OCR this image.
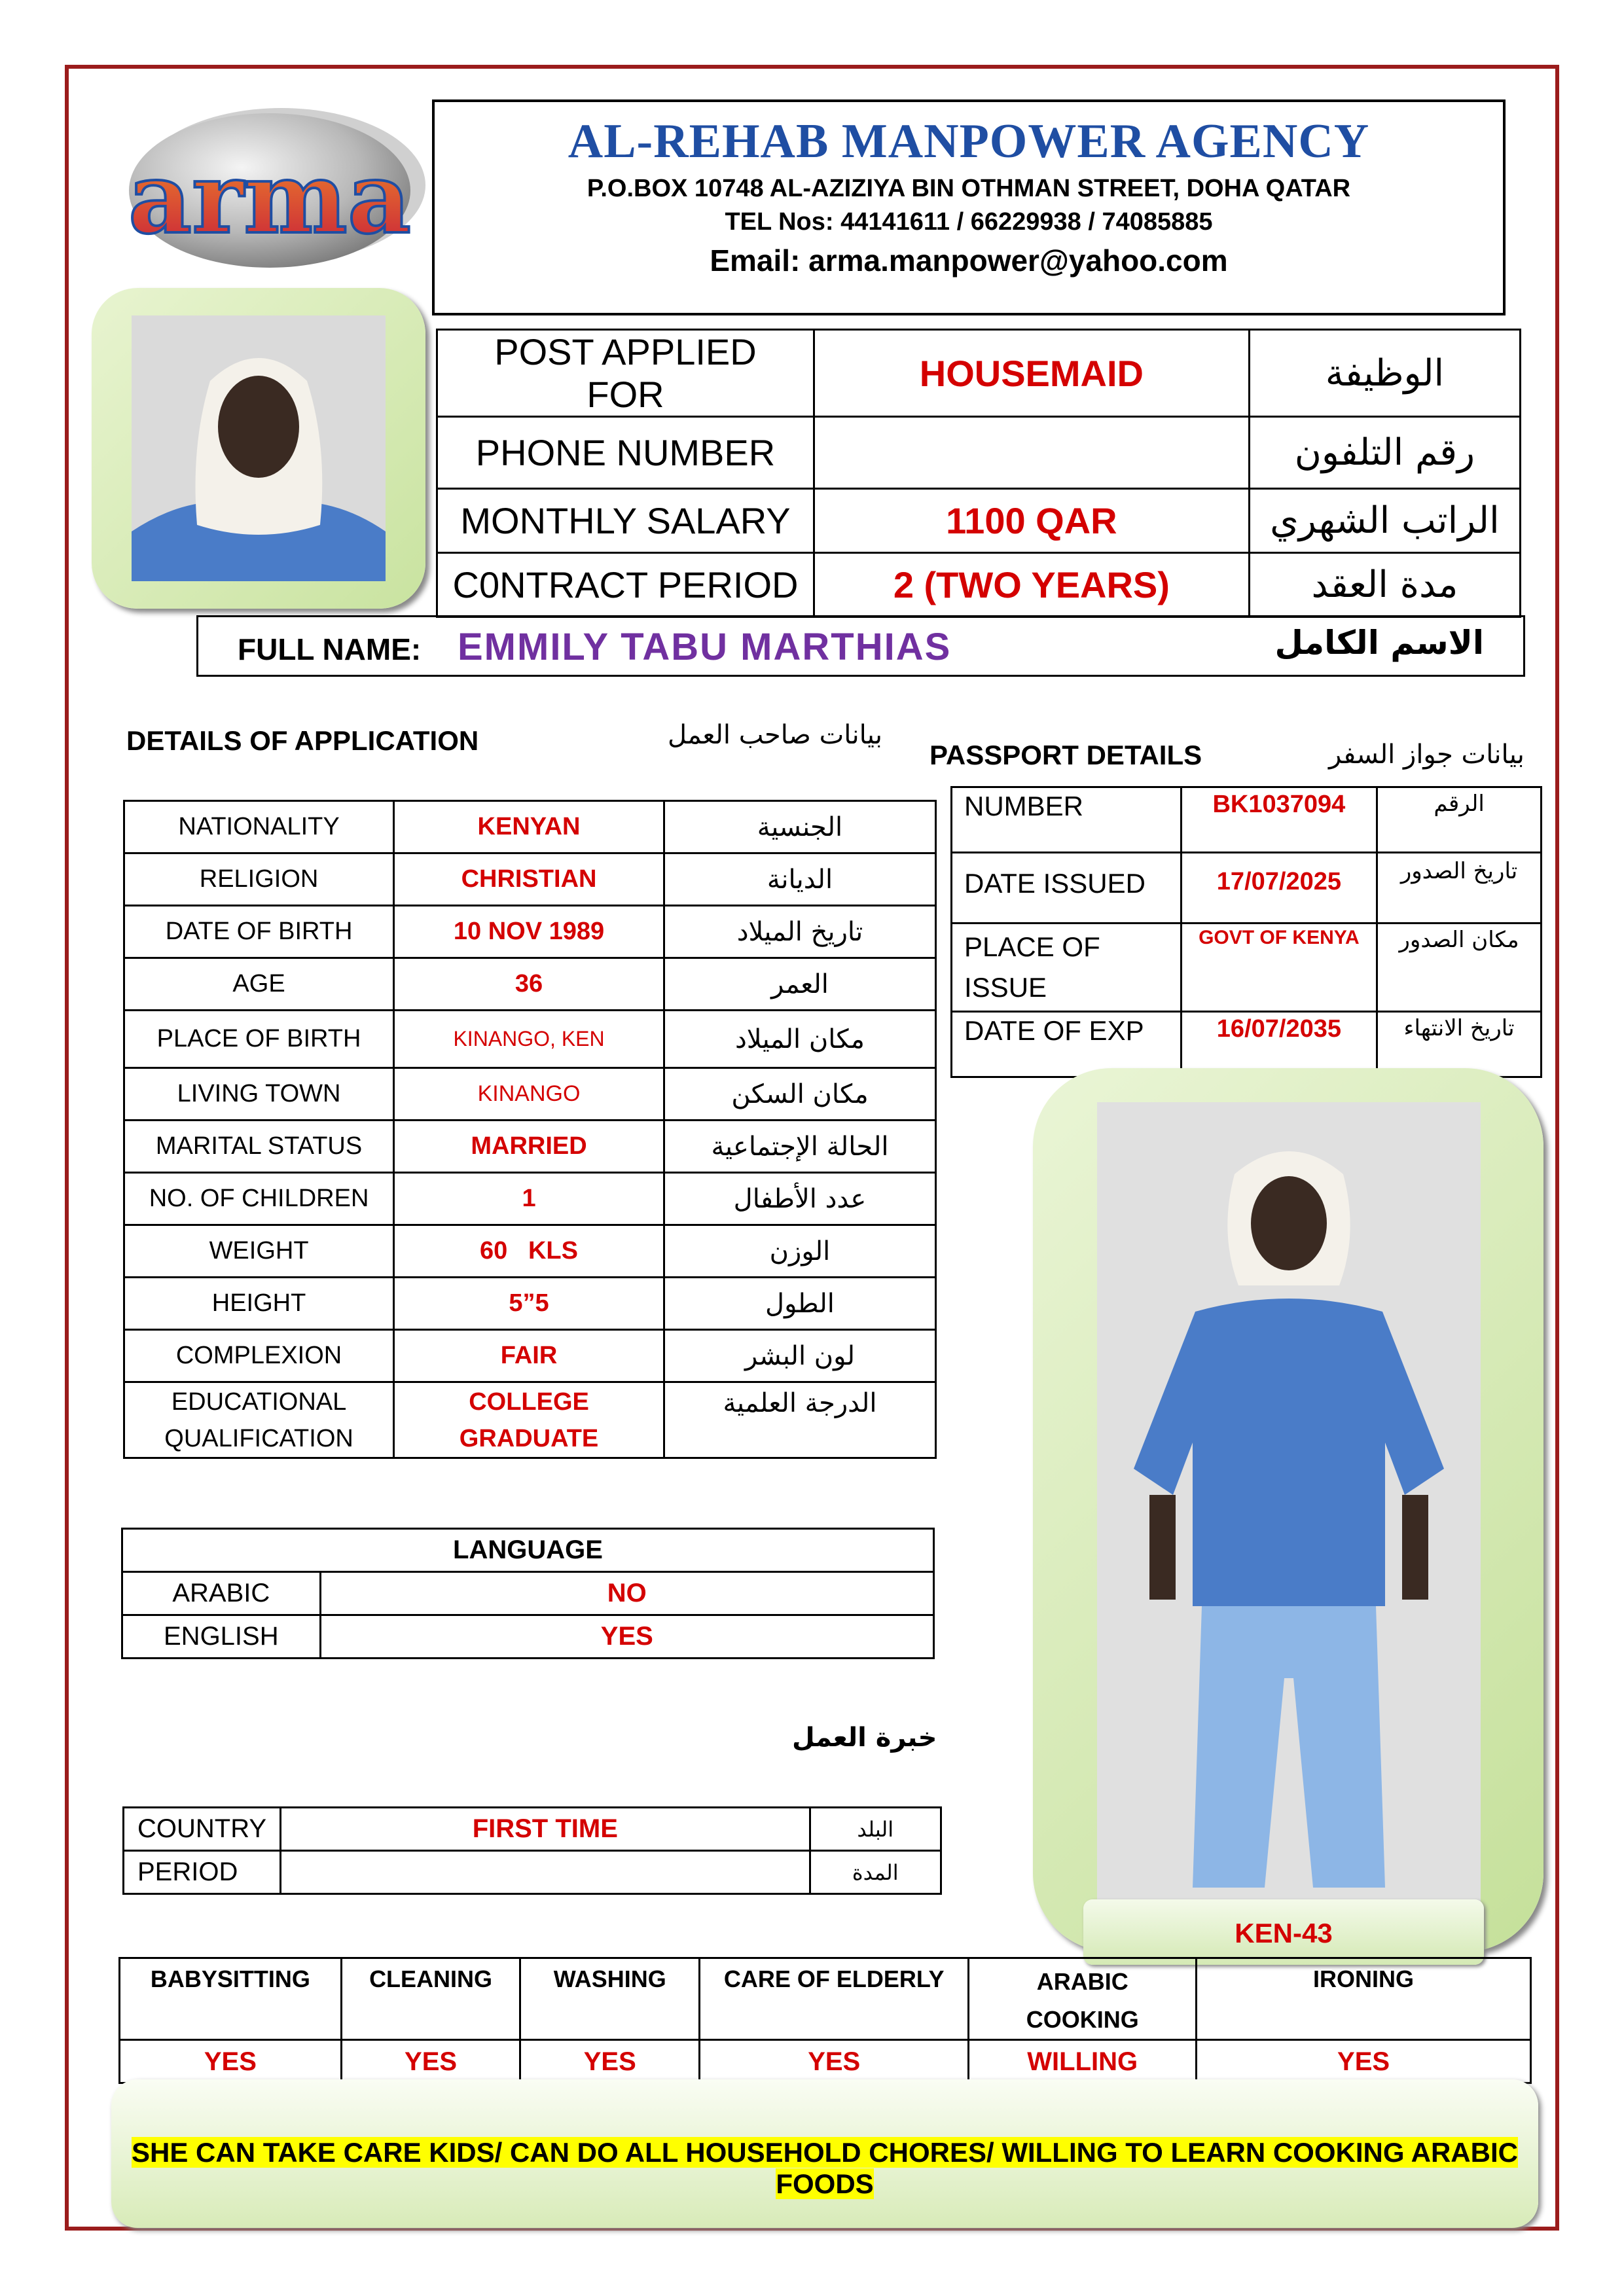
arma	AL-REHAB MANPOWER AGENCY
P.O.BOX 10748 AL-AZIZIYA BIN OTHMAN STREET, DOHA QATAR
TEL Nos: 44141611 / 66229938 / 74085885
Email: arma.manpower@yahoo.com
POST APPLIED FOR	HOUSEMAID	الوظيفة
PHONE NUMBER		رقم التلفون
MONTHLY SALARY	1100 QAR	الراتب الشهري
C0NTRACT PERIOD	2 (TWO YEARS)	مدة العقد
FULL NAME: EMMILY TABU MARTHIAS	الاسم الكامل
DETAILS OF APPLICATION	بيانات صاحب العمل
PASSPORT DETAILS	بيانات جواز السفر
NATIONALITY	KENYAN	الجنسية
RELIGION	CHRISTIAN	الديانة
DATE OF BIRTH	10 NOV 1989	تاريخ الميلاد
AGE	36	العمر
PLACE OF BIRTH	KINANGO, KEN	مكان الميلاد
LIVING TOWN	KINANGO	مكان السكن
MARITAL STATUS	MARRIED	الحالة الإجتماعية
NO. OF CHILDREN	1	عدد الأطفال
WEIGHT	60   KLS	الوزن
HEIGHT	5”5	الطول
COMPLEXION	FAIR	لون البشر
EDUCATIONAL QUALIFICATION	COLLEGE GRADUATE	الدرجة العلمية
NUMBER	BK1037094	الرقم
DATE ISSUED	17/07/2025	تاريخ الصدور
PLACE OF ISSUE	GOVT OF KENYA	مكان الصدور
DATE OF EXP	16/07/2035	تاريخ الانتهاء
KEN-43
LANGUAGE	
ARABIC	NO
ENGLISH	YES
خبرة العمل
COUNTRY	FIRST TIME	البلد
PERIOD		المدة
BABYSITTING	CLEANING	WASHING	CARE OF ELDERLY	ARABIC COOKING	IRONING
YES	YES	YES	YES	WILLING	YES
SHE CAN TAKE CARE KIDS/ CAN DO ALL HOUSEHOLD CHORES/ WILLING TO LEARN COOKING ARABIC FOODS
